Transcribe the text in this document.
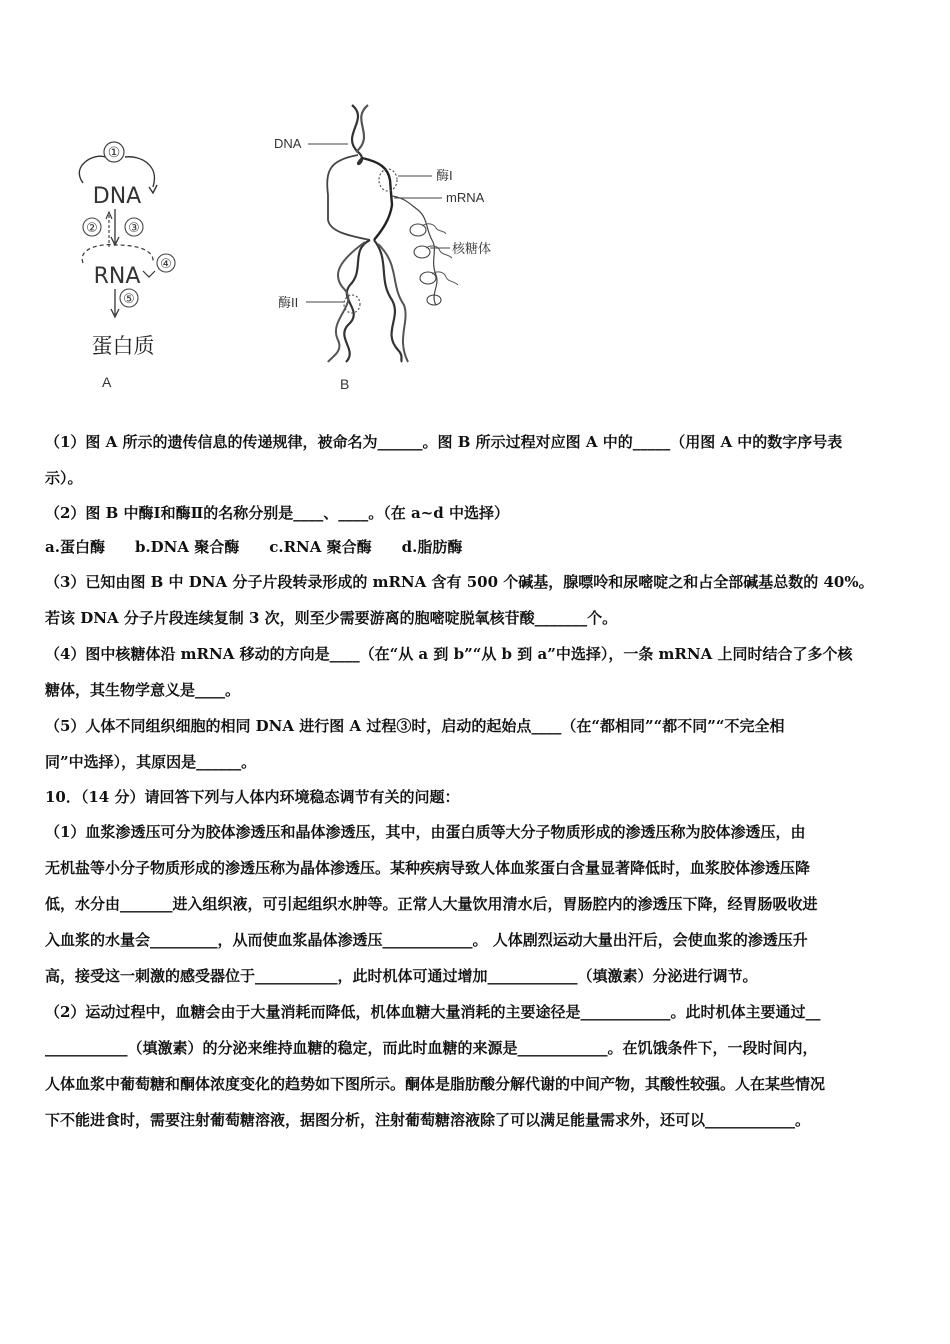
①
DNA
② ③
RNA ④
⑤
蛋白质
A
DNA
酶I
mRNA
核糖体
酶II
B

（1）图 A 所示的遗传信息的传递规律，被命名为______。图 B 所示过程对应图 A 中的_____（用图 A 中的数字序号表

示）。

（2）图 B 中酶Ⅰ和酶Ⅱ的名称分别是____、____。（在 a~d 中选择）

a.蛋白酶　　b.DNA 聚合酶　　c.RNA 聚合酶　　d.脂肪酶

（3）已知由图 B 中 DNA 分子片段转录形成的 mRNA 含有 500 个碱基，腺嘌呤和尿嘧啶之和占全部碱基总数的 40%。

若该 DNA 分子片段连续复制 3 次，则至少需要游离的胞嘧啶脱氧核苷酸_______个。

（4）图中核糖体沿 mRNA 移动的方向是____（在“从 a 到 b”“从 b 到 a”中选择），一条 mRNA 上同时结合了多个核

糖体，其生物学意义是____。

（5）人体不同组织细胞的相同 DNA 进行图 A 过程③时，启动的起始点____（在“都相同”“都不同”“不完全相

同”中选择），其原因是______。

10．（14 分）请回答下列与人体内环境稳态调节有关的问题：

（1）血浆渗透压可分为胶体渗透压和晶体渗透压，其中，由蛋白质等大分子物质形成的渗透压称为胶体渗透压，由

无机盐等小分子物质形成的渗透压称为晶体渗透压。某种疾病导致人体血浆蛋白含量显著降低时，血浆胶体渗透压降

低，水分由_______进入组织液，可引起组织水肿等。正常人大量饮用清水后，胃肠腔内的渗透压下降，经胃肠吸收进

入血浆的水量会_________，从而使血浆晶体渗透压____________。 人体剧烈运动大量出汗后，会使血浆的渗透压升

高，接受这一刺激的感受器位于___________，此时机体可通过增加____________（填激素）分泌进行调节。

（2）运动过程中，血糖会由于大量消耗而降低，机体血糖大量消耗的主要途径是____________。此时机体主要通过__

___________（填激素）的分泌来维持血糖的稳定，而此时血糖的来源是____________。在饥饿条件下，一段时间内，

人体血浆中葡萄糖和酮体浓度变化的趋势如下图所示。酮体是脂肪酸分解代谢的中间产物，其酸性较强。人在某些情况

下不能进食时，需要注射葡萄糖溶液，据图分析，注射葡萄糖溶液除了可以满足能量需求外，还可以____________。
